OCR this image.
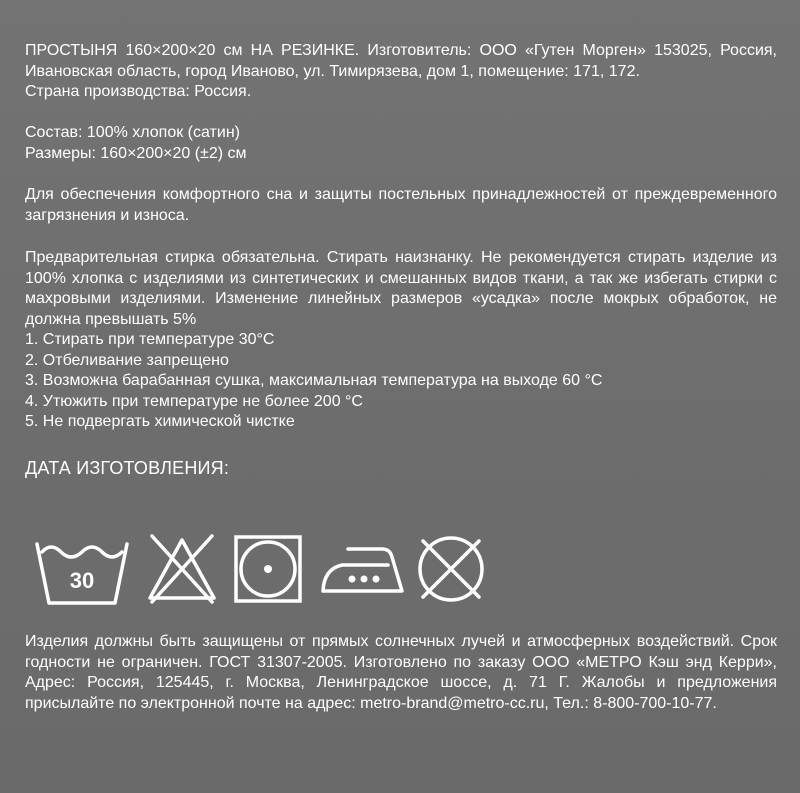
ПРОСТЫНЯ 160×200×20 см НА РЕЗИНКЕ. Изготовитель: ООО «Гутен Морген» 153025, Россия, Ивановская область, город Иваново, ул. Тимирязева, дом 1, помещение: 171, 172.

Страна производства: Россия.

Состав: 100% хлопок (сатин)

Размеры: 160×200×20 (±2) см

Для обеспечения комфортного сна и защиты постельных принадлежностей от преждевременного загрязнения и износа.

Предварительная стирка обязательна. Стирать наизнанку. Не рекомендуется стирать изделие из 100% хлопка с изделиями из синтетических и смешанных видов ткани, а так же избегать стирки с махровыми изделиями. Изменение линейных размеров «усадка» после мокрых обработок, не должна превышать 5%

1. Стирать при температуре 30°С
2. Отбеливание запрещено
3. Возможна барабанная сушка, максимальная температура на выходе 60 °С
4. Утюжить при температуре не более 200 °С
5. Не подвергать химической чистке
ДАТА ИЗГОТОВЛЕНИЯ:
30

Изделия должны быть защищены от прямых солнечных лучей и атмосферных воздействий. Срок годности не ограничен. ГОСТ 31307-2005. Изготовлено по заказу ООО «МЕТРО Кэш энд Керри», Адрес: Россия, 125445, г. Москва, Ленинградское шоссе, д. 71 Г. Жалобы и предложения присылайте по электронной почте на адрес: metro-brand@metro-cc.ru, Тел.: 8-800-700-10-77.
